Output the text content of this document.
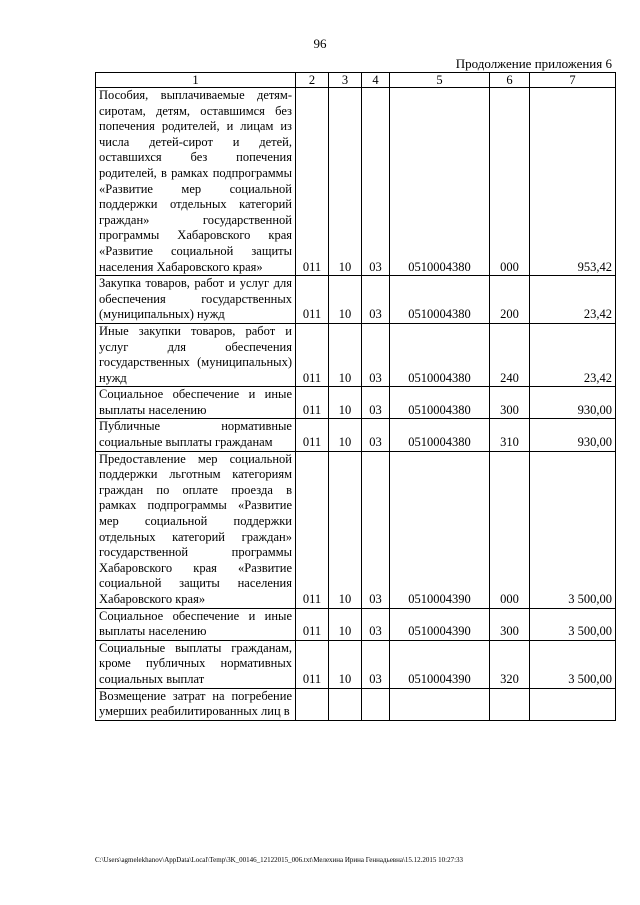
96
Продолжение приложения 6
1	2	3	4	5	6	7
Пособия, выплачиваемые детям-сиротам, детям, оставшимся без попечения родителей, и лицам из числа детей-сирот и детей, оставшихся без попечения родителей, в рамках подпрограммы «Развитие мер социальной поддержки отдельных категорий граждан» государственной программы Хабаровского края «Развитие социальной защиты населения Хабаровского края»	011	10	03	0510004380	000	953,42
Закупка товаров, работ и услуг для обеспечения государственных (муниципальных) нужд	011	10	03	0510004380	200	23,42
Иные закупки товаров, работ и услуг для обеспечения государственных (муниципальных) нужд	011	10	03	0510004380	240	23,42
Социальное обеспечение и иные выплаты населению	011	10	03	0510004380	300	930,00
Публичные нормативные социальные выплаты гражданам	011	10	03	0510004380	310	930,00
Предоставление мер социальной поддержки льготным категориям граждан по оплате проезда в рамках подпрограммы «Развитие мер социальной поддержки отдельных категорий граждан» государственной программы Хабаровского края «Развитие социальной защиты населения Хабаровского края»	011	10	03	0510004390	000	3 500,00
Социальное обеспечение и иные выплаты населению	011	10	03	0510004390	300	3 500,00
Социальные выплаты гражданам, кроме публичных нормативных социальных выплат	011	10	03	0510004390	320	3 500,00
Возмещение затрат на погребение умерших реабилитированных лиц в						
C:\Users\agmelekhanov\AppData\Local\Temp\3K_00146_12122015_006.txt\Мелехина Ирина Геннадьевна\15.12.2015 10:27:33
